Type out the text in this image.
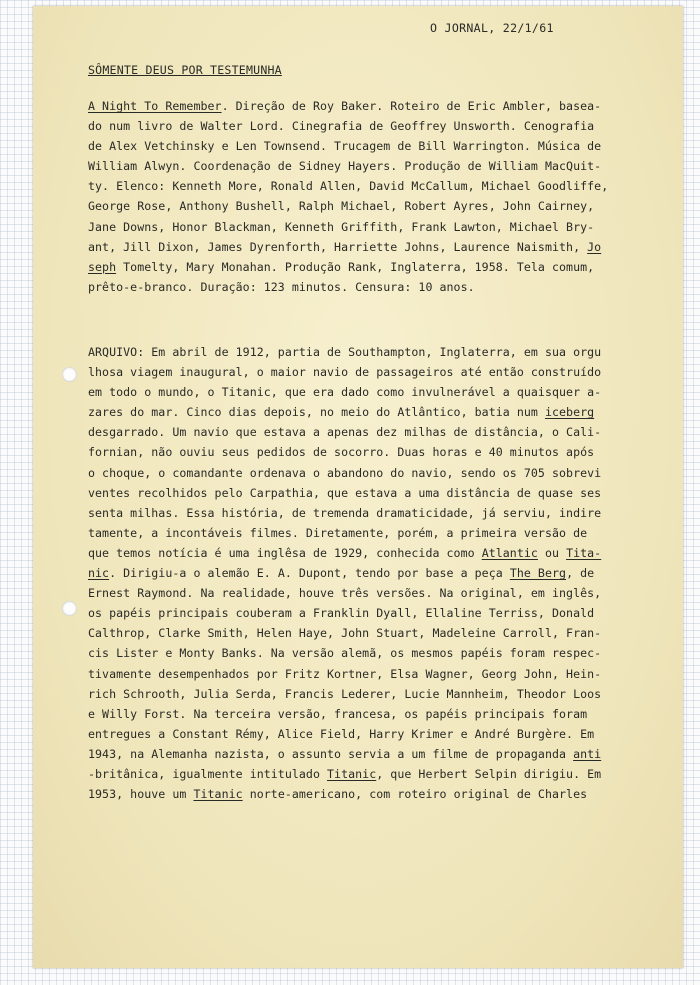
O JORNAL, 22/1/61
SÔMENTE DEUS POR TESTEMUNHA
A Night To Remember. Direção de Roy Baker. Roteiro de Eric Ambler, basea-
do num livro de Walter Lord. Cinegrafia de Geoffrey Unsworth. Cenografia
de Alex Vetchinsky e Len Townsend. Trucagem de Bill Warrington. Música de
William Alwyn. Coordenação de Sidney Hayers. Produção de William MacQuit-
ty. Elenco: Kenneth More, Ronald Allen, David McCallum, Michael Goodliffe,
George Rose, Anthony Bushell, Ralph Michael, Robert Ayres, John Cairney,
Jane Downs, Honor Blackman, Kenneth Griffith, Frank Lawton, Michael Bry-
ant, Jill Dixon, James Dyrenforth, Harriette Johns, Laurence Naismith, Jo
seph Tomelty, Mary Monahan. Produção Rank, Inglaterra, 1958. Tela comum,
prêto-e-branco. Duração: 123 minutos. Censura: 10 anos.
ARQUIVO: Em abril de 1912, partia de Southampton, Inglaterra, em sua orgu
lhosa viagem inaugural, o maior navio de passageiros até então construído
em todo o mundo, o Titanic, que era dado como invulnerável a quaisquer a-
zares do mar. Cinco dias depois, no meio do Atlântico, batia num iceberg
desgarrado. Um navio que estava a apenas dez milhas de distância, o Cali-
fornian, não ouviu seus pedidos de socorro. Duas horas e 40 minutos após
o choque, o comandante ordenava o abandono do navio, sendo os 705 sobrevi
ventes recolhidos pelo Carpathia, que estava a uma distância de quase ses
senta milhas. Essa história, de tremenda dramaticidade, já serviu, indire
tamente, a incontáveis filmes. Diretamente, porém, a primeira versão de
que temos notícia é uma inglêsa de 1929, conhecida como Atlantic ou Tita-
nic. Dirigiu-a o alemão E. A. Dupont, tendo por base a peça The Berg, de
Ernest Raymond. Na realidade, houve três versões. Na original, em inglês,
os papéis principais couberam a Franklin Dyall, Ellaline Terriss, Donald
Calthrop, Clarke Smith, Helen Haye, John Stuart, Madeleine Carroll, Fran-
cis Lister e Monty Banks. Na versão alemã, os mesmos papéis foram respec-
tivamente desempenhados por Fritz Kortner, Elsa Wagner, Georg John, Hein-
rich Schrooth, Julia Serda, Francis Lederer, Lucie Mannheim, Theodor Loos
e Willy Forst. Na terceira versão, francesa, os papéis principais foram
entregues a Constant Rémy, Alice Field, Harry Krimer e André Burgère. Em
1943, na Alemanha nazista, o assunto servia a um filme de propaganda anti
-britânica, igualmente intitulado Titanic, que Herbert Selpin dirigiu. Em
1953, houve um Titanic norte-americano, com roteiro original de Charles
